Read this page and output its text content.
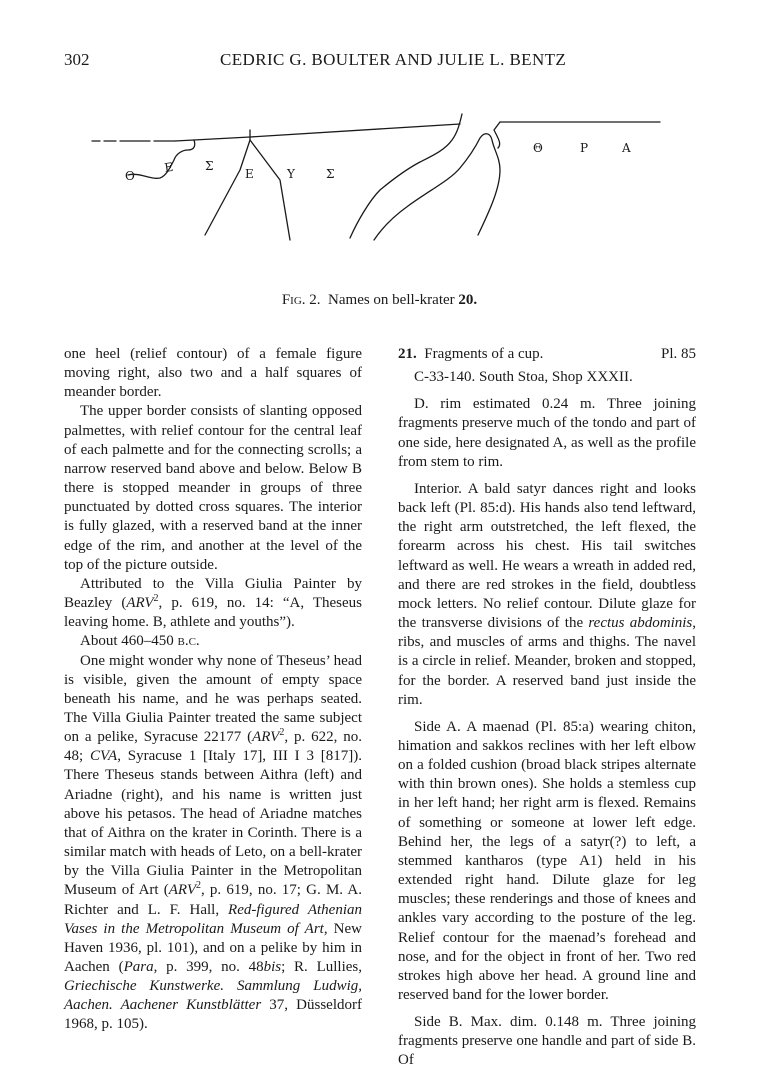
302	CEDRIC G. BOULTER AND JULIE L. BENTZ
O
E	Σ
E	Y	Σ
Θ	P	A
Fig. 2. Names on bell-krater 20.

one heel (relief contour) of a female figure moving right, also two and a half squares of meander border.

The upper border consists of slanting opposed palmettes, with relief contour for the central leaf of each palmette and for the connecting scrolls; a narrow reserved band above and below. Below B there is stopped meander in groups of three punctuated by dotted cross squares. The interior is fully glazed, with a reserved band at the inner edge of the rim, and another at the level of the top of the picture outside.

Attributed to the Villa Giulia Painter by Beazley (ARV$^2$, p. 619, no. 14: “A, Theseus leaving home. B, athlete and youths”).

About 460–450 b.c.

One might wonder why none of Theseus’ head is visible, given the amount of empty space beneath his name, and he was perhaps seated. The Villa Giulia Painter treated the same subject on a pelike, Syracuse 22177 (ARV$^2$, p. 622, no. 48; CVA, Syracuse 1 [Italy 17], III I 3 [817]). There Theseus stands between Aithra (left) and Ariadne (right), and his name is written just above his petasos. The head of Ariadne matches that of Aithra on the krater in Corinth. There is a similar match with heads of Leto, on a bell-krater by the Villa Giulia Painter in the Metropolitan Museum of Art (ARV$^2$, p. 619, no. 17; G. M. A. Richter and L. F. Hall, Red-figured Athenian Vases in the Metropolitan Museum of Art, New Haven 1936, pl. 101), and on a pelike by him in Aachen (Para, p. 399, no. 48bis; R. Lullies, Griechische Kunstwerke. Sammlung Ludwig, Aachen. Aachener Kunstblätter 37, Düsseldorf 1968, p. 105).

21. Fragments of a cup.	Pl. 85

C-33-140. South Stoa, Shop XXXII.

D. rim estimated 0.24 m. Three joining fragments preserve much of the tondo and part of one side, here designated A, as well as the profile from stem to rim.

Interior. A bald satyr dances right and looks back left (Pl. 85:d). His hands also tend leftward, the right arm outstretched, the left flexed, the forearm across his chest. His tail switches leftward as well. He wears a wreath in added red, and there are red strokes in the field, doubtless mock letters. No relief contour. Dilute glaze for the transverse divisions of the rectus abdominis, ribs, and muscles of arms and thighs. The navel is a circle in relief. Meander, broken and stopped, for the border. A reserved band just inside the rim.

Side A. A maenad (Pl. 85:a) wearing chiton, himation and sakkos reclines with her left elbow on a folded cushion (broad black stripes alternate with thin brown ones). She holds a stemless cup in her left hand; her right arm is flexed. Remains of something or someone at lower left edge. Behind her, the legs of a satyr(?) to left, a stemmed kantharos (type A1) held in his extended right hand. Dilute glaze for leg muscles; these renderings and those of knees and ankles vary according to the posture of the leg. Relief contour for the maenad’s forehead and nose, and for the object in front of her. Two red strokes high above her head. A ground line and reserved band for the lower border.

Side B. Max. dim. 0.148 m. Three joining fragments preserve one handle and part of side B. Of
